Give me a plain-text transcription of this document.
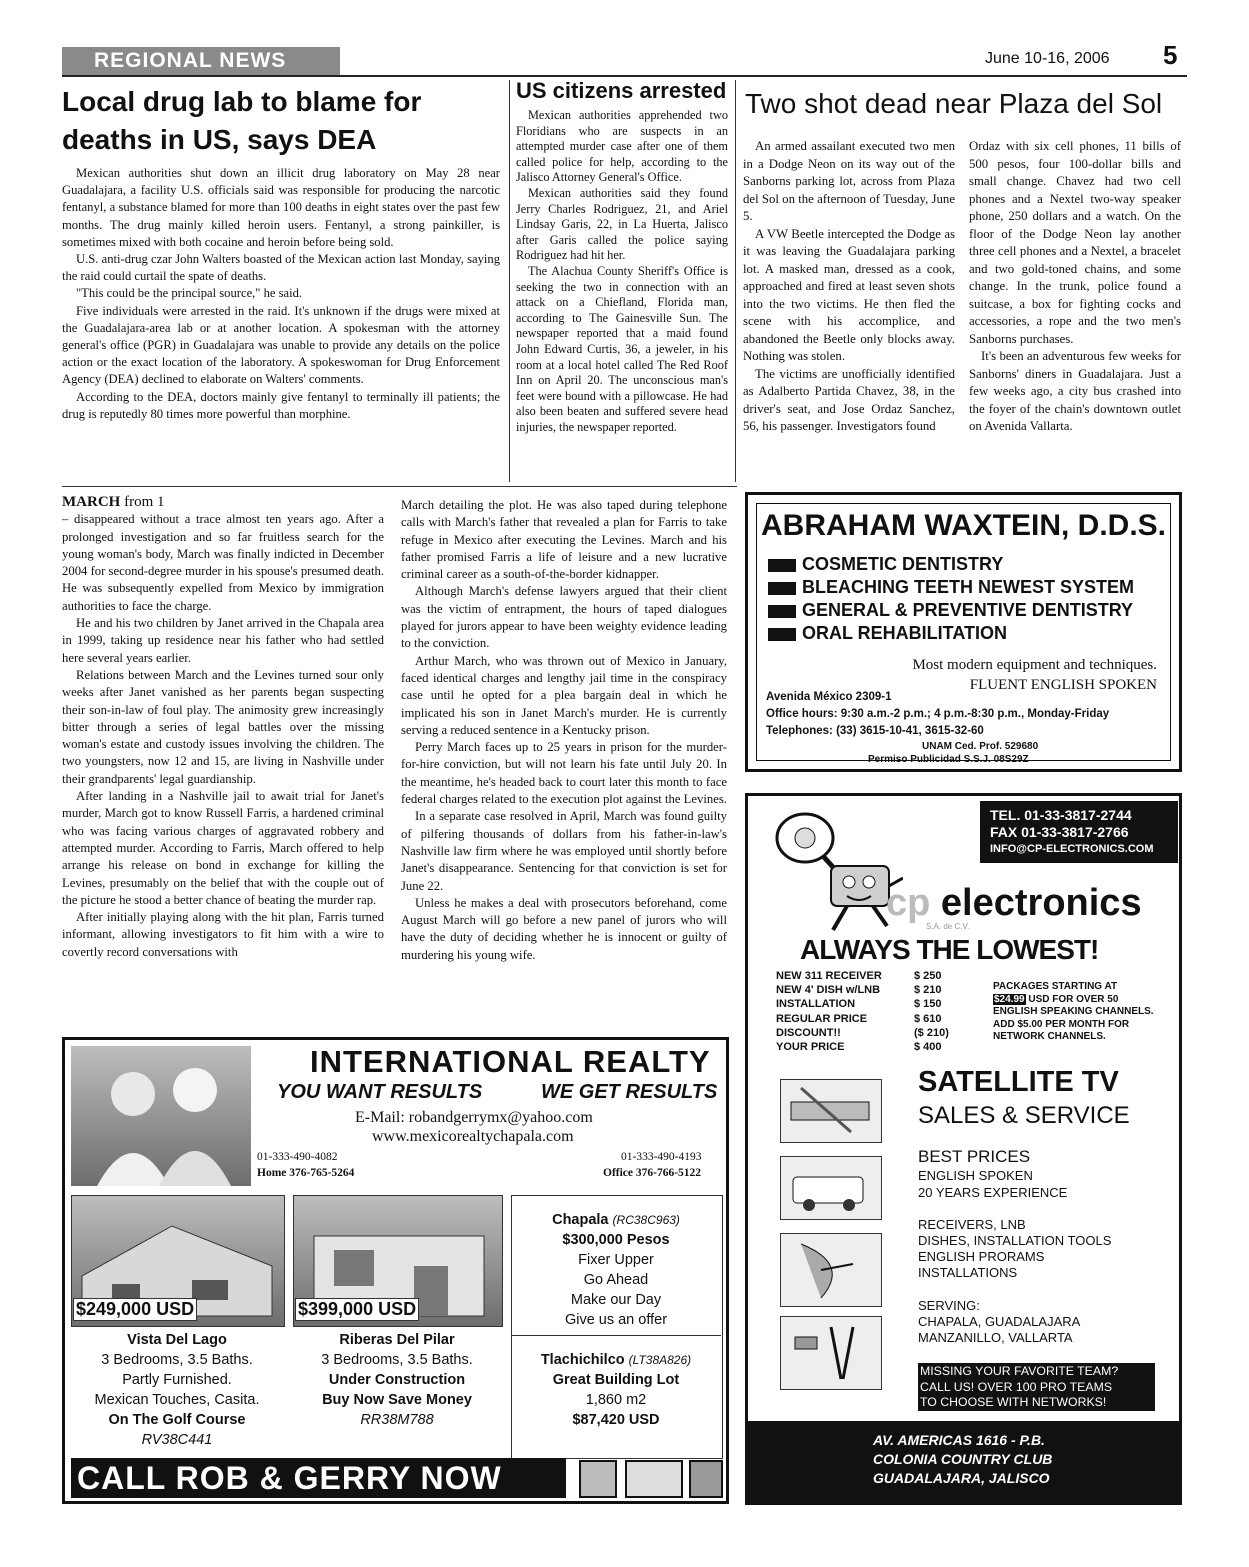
REGIONAL NEWS	June 10-16, 2006 5
Local drug lab to blame for deaths in US, says DEA

Mexican authorities shut down an illicit drug laboratory on May 28 near Guadalajara, a facility U.S. officials said was responsible for producing the narcotic fentanyl, a substance blamed for more than 100 deaths in eight states over the past few months. The drug mainly killed heroin users. Fentanyl, a strong painkiller, is sometimes mixed with both cocaine and heroin before being sold.

U.S. anti-drug czar John Walters boasted of the Mexican action last Monday, saying the raid could curtail the spate of deaths.

"This could be the principal source," he said.

Five individuals were arrested in the raid. It's unknown if the drugs were mixed at the Guadalajara-area lab or at another location. A spokesman with the attorney general's office (PGR) in Guadalajara was unable to provide any details on the police action or the exact location of the laboratory. A spokeswoman for Drug Enforcement Agency (DEA) declined to elaborate on Walters' comments.

According to the DEA, doctors mainly give fentanyl to terminally ill patients; the drug is reputedly 80 times more powerful than morphine.

US citizens arrested

Mexican authorities apprehended two Floridians who are suspects in an attempted murder case after one of them called police for help, according to the Jalisco Attorney General's Office.

Mexican authorities said they found Jerry Charles Rodriguez, 21, and Ariel Lindsay Garis, 22, in La Huerta, Jalisco after Garis called the police saying Rodriguez had hit her.

The Alachua County Sheriff's Office is seeking the two in connection with an attack on a Chiefland, Florida man, according to The Gainesville Sun. The newspaper reported that a maid found John Edward Curtis, 36, a jeweler, in his room at a local hotel called The Red Roof Inn on April 20. The unconscious man's feet were bound with a pillowcase. He had also been beaten and suffered severe head injuries, the newspaper reported.

Two shot dead near Plaza del Sol

An armed assailant executed two men in a Dodge Neon on its way out of the Sanborns parking lot, across from Plaza del Sol on the afternoon of Tuesday, June 5.

A VW Beetle intercepted the Dodge as it was leaving the Guadalajara parking lot. A masked man, dressed as a cook, approached and fired at least seven shots into the two victims. He then fled the scene with his accomplice, and abandoned the Beetle only blocks away. Nothing was stolen.

The victims are unofficially identified as Adalberto Partida Chavez, 38, in the driver's seat, and Jose Ordaz Sanchez, 56, his passenger. Investigators found

Ordaz with six cell phones, 11 bills of 500 pesos, four 100-dollar bills and small change. Chavez had two cell phones and a Nextel two-way speaker phone, 250 dollars and a watch. On the floor of the Dodge Neon lay another three cell phones and a Nextel, a bracelet and two gold-toned chains, and some change. In the trunk, police found a suitcase, a box for fighting cocks and accessories, a rope and the two men's Sanborns purchases.

It's been an adventurous few weeks for Sanborns' diners in Guadalajara. Just a few weeks ago, a city bus crashed into the foyer of the chain's downtown outlet on Avenida Vallarta.

MARCH from 1

– disappeared without a trace almost ten years ago. After a prolonged investigation and so far fruitless search for the young woman's body, March was finally indicted in December 2004 for second-degree murder in his spouse's presumed death. He was subsequently expelled from Mexico by immigration authorities to face the charge.

He and his two children by Janet arrived in the Chapala area in 1999, taking up residence near his father who had settled here several years earlier.

Relations between March and the Levines turned sour only weeks after Janet vanished as her parents began suspecting their son-in-law of foul play. The animosity grew increasingly bitter through a series of legal battles over the missing woman's estate and custody issues involving the children. The two youngsters, now 12 and 15, are living in Nashville under their grandparents' legal guardianship.

After landing in a Nashville jail to await trial for Janet's murder, March got to know Russell Farris, a hardened criminal who was facing various charges of aggravated robbery and attempted murder. According to Farris, March offered to help arrange his release on bond in exchange for killing the Levines, presumably on the belief that with the couple out of the picture he stood a better chance of beating the murder rap.

After initially playing along with the hit plan, Farris turned informant, allowing investigators to fit him with a wire to covertly record conversations with

March detailing the plot. He was also taped during telephone calls with March's father that revealed a plan for Farris to take refuge in Mexico after executing the Levines. March and his father promised Farris a life of leisure and a new lucrative criminal career as a south-of-the-border kidnapper.

Although March's defense lawyers argued that their client was the victim of entrapment, the hours of taped dialogues played for jurors appear to have been weighty evidence leading to the conviction.

Arthur March, who was thrown out of Mexico in January, faced identical charges and lengthy jail time in the conspiracy case until he opted for a plea bargain deal in which he implicated his son in Janet March's murder. He is currently serving a reduced sentence in a Kentucky prison.

Perry March faces up to 25 years in prison for the murder-for-hire conviction, but will not learn his fate until July 20. In the meantime, he's headed back to court later this month to face federal charges related to the execution plot against the Levines.

In a separate case resolved in April, March was found guilty of pilfering thousands of dollars from his father-in-law's Nashville law firm where he was employed until shortly before Janet's disappearance. Sentencing for that conviction is set for June 22.

Unless he makes a deal with prosecutors beforehand, come August March will go before a new panel of jurors who will have the duty of deciding whether he is innocent or guilty of murdering his young wife.

ABRAHAM WAXTEIN, D.D.S.
COSMETIC DENTISTRY
BLEACHING TEETH NEWEST SYSTEM
GENERAL & PREVENTIVE DENTISTRY
ORAL REHABILITATION
Most modern equipment and techniques.
FLUENT ENGLISH SPOKEN
Avenida México 2309-1
Office hours: 9:30 a.m.-2 p.m.; 4 p.m.-8:30 p.m., Monday-Friday
Telephones: (33) 3615-10-41, 3615-32-60
UNAM Ced. Prof. 529680
Permiso Publicidad S.S.J. 08S29Z
TEL. 01-33-3817-2744
FAX 01-33-3817-2766
INFO@CP-ELECTRONICS.COM
cp electronics
S.A. de C.V.
ALWAYS THE LOWEST!
NEW 311 RECEIVER	$ 250
NEW 4' DISH w/LNB	$ 210
INSTALLATION	$ 150
REGULAR PRICE	$ 610
DISCOUNT!!	($ 210)
YOUR PRICE	$ 400
PACKAGES STARTING AT
$24.99 USD FOR OVER 50
ENGLISH SPEAKING CHANNELS.
ADD $5.00 PER MONTH FOR
NETWORK CHANNELS.
SATELLITE TV
SALES & SERVICE
BEST PRICES
ENGLISH SPOKEN
20 YEARS EXPERIENCE
RECEIVERS, LNB
DISHES, INSTALLATION TOOLS
ENGLISH PRORAMS
INSTALLATIONS
SERVING:
CHAPALA, GUADALAJARA
MANZANILLO, VALLARTA
MISSING YOUR FAVORITE TEAM?
CALL US! OVER 100 PRO TEAMS
TO CHOOSE WITH NETWORKS!
AV. AMERICAS 1616 - P.B.
COLONIA COUNTRY CLUB
GUADALAJARA, JALISCO
INTERNATIONAL REALTY
YOU WANT RESULTS	WE GET RESULTS
E-Mail: robandgerrymx@yahoo.com
www.mexicorealtychapala.com
01-333-490-4082
Home 376-765-5264
01-333-490-4193
Office 376-766-5122
$249,000 USD
Vista Del Lago
3 Bedrooms, 3.5 Baths.
Partly Furnished.
Mexican Touches, Casita.
On The Golf Course
RV38C441
$399,000 USD
Riberas Del Pilar
3 Bedrooms, 3.5 Baths.
Under Construction
Buy Now Save Money
RR38M788
Chapala (RC38C963)
$300,000 Pesos
Fixer Upper
Go Ahead
Make our Day
Give us an offer
Tlachichilco (LT38A826)
Great Building Lot
1,860 m2
$87,420 USD
CALL ROB & GERRY NOW
